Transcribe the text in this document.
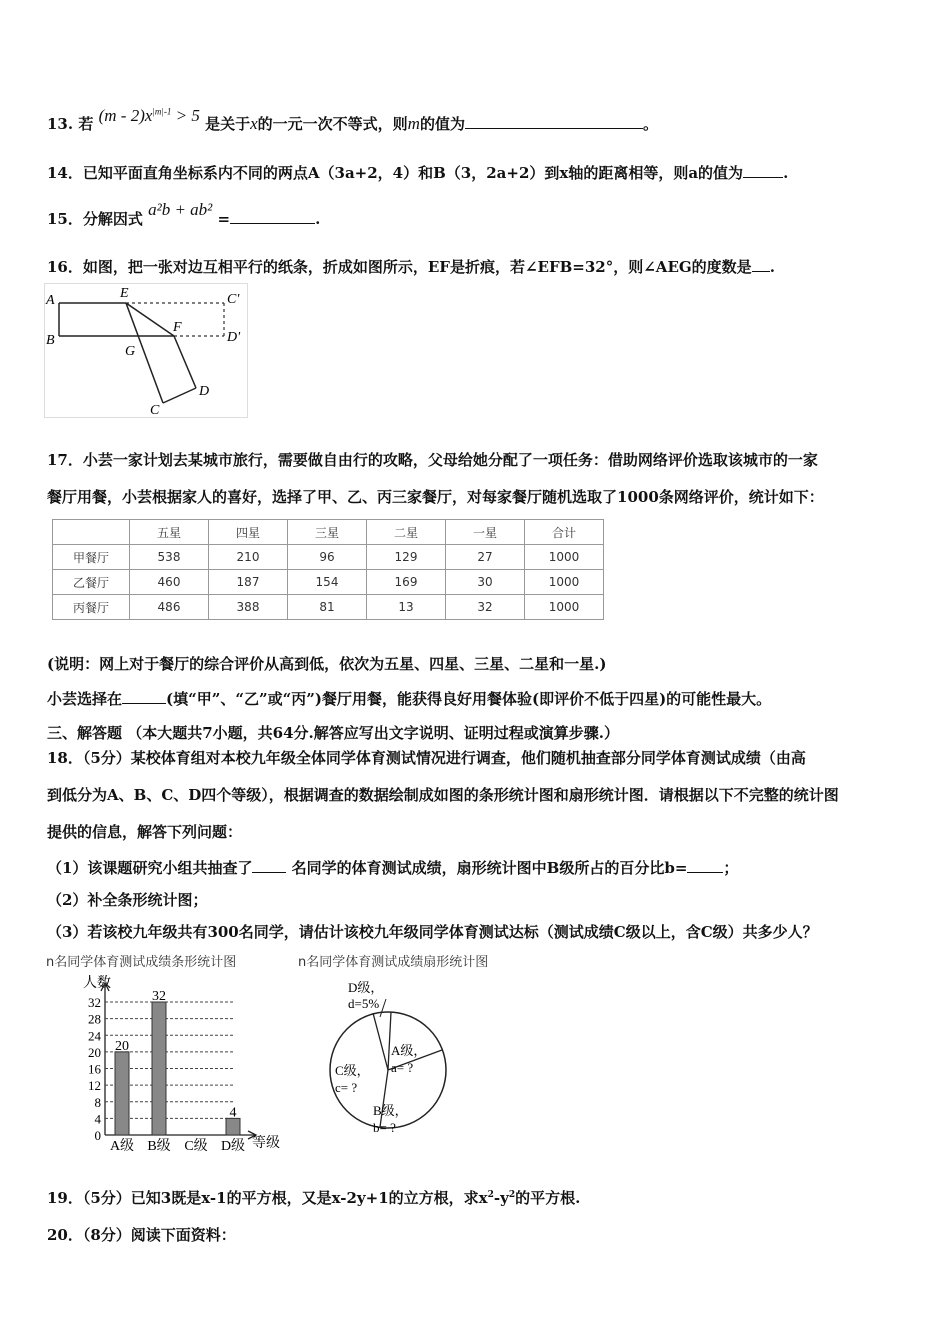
13. 若 $(m - 2)x^{|m|-1} > 5$ 是关于x的一元一次不等式，则m的值为	。
14．已知平面直角坐标系内不同的两点A（3a+2，4）和B（3，2a+2）到x轴的距离相等，则a的值为	.
15．分解因式 a²b + ab² =	.
16．如图，把一张对边互相平行的纸条，折成如图所示，EF是折痕，若∠EFB=32°，则∠AEG的度数是 .
A
B
E	C'
D'
F
G
C
D
17．小芸一家计划去某城市旅行，需要做自由行的攻略，父母给她分配了一项任务：借助网络评价选取该城市的一家
餐厅用餐，小芸根据家人的喜好，选择了甲、乙、丙三家餐厅，对每家餐厅随机选取了1000条网络评价，统计如下：
	五星	四星	三星	二星	一星	合计
甲餐厅	538	210	96	129	27	1000
乙餐厅	460	187	154	169	30	1000
丙餐厅	486	388	81	13	32	1000
(说明：网上对于餐厅的综合评价从高到低，依次为五星、四星、三星、二星和一星.)
小芸选择在	(填“甲”、“乙”或“丙”)餐厅用餐，能获得良好用餐体验(即评价不低于四星)的可能性最大。
三、解答题 （本大题共7小题，共64分.解答应写出文字说明、证明过程或演算步骤.）
18．（5分）某校体育组对本校九年级全体同学体育测试情况进行调查，他们随机抽查部分同学体育测试成绩（由高
到低分为A、B、C、D四个等级），根据调查的数据绘制成如图的条形统计图和扇形统计图．请根据以下不完整的统计图
提供的信息，解答下列问题：
（1）该课题研究小组共抽查了 名同学的体育测试成绩，扇形统计图中B级所占的百分比b= ；
（2）补全条形统计图；
（3）若该校九年级共有300名同学，请估计该校九年级同学体育测试达标（测试成绩C级以上，含C级）共多少人？
n名同学体育测试成绩条形统计图	n名同学体育测试成绩扇形统计图
人数
等级
0
4
8
12
16
20
24
28
32
20
A级
32
B级 C级
4
D级
D级，
d=5%
A级，
a= ?
B级，
b= ?
C级，
c= ?
19．（5分）已知3既是x-1的平方根，又是x-2y+1的立方根，求$x^2-y^2$的平方根.
20．（8分）阅读下面资料：
